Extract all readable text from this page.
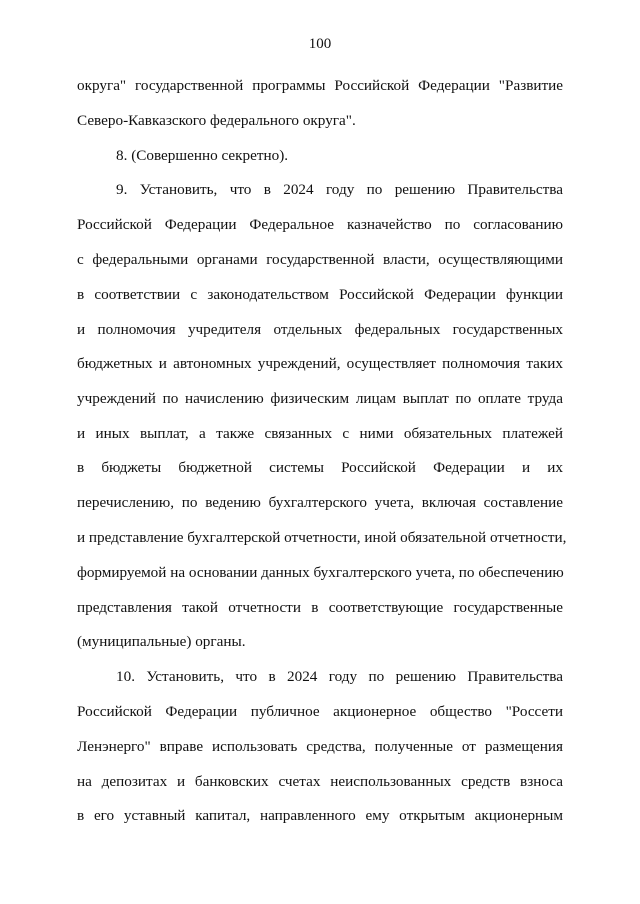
100
округа" государственной программы Российской Федерации "Развитие
Северо-Кавказского федерального округа".
8. (Совершенно секретно).
9. Установить, что в 2024 году по решению Правительства
Российской Федерации Федеральное казначейство по согласованию
с федеральными органами государственной власти, осуществляющими
в соответствии с законодательством Российской Федерации функции
и полномочия учредителя отдельных федеральных государственных
бюджетных и автономных учреждений, осуществляет полномочия таких
учреждений по начислению физическим лицам выплат по оплате труда
и иных выплат, а также связанных с ними обязательных платежей
в бюджеты бюджетной системы Российской Федерации и их
перечислению, по ведению бухгалтерского учета, включая составление
и представление бухгалтерской отчетности, иной обязательной отчетности,
формируемой на основании данных бухгалтерского учета, по обеспечению
представления такой отчетности в соответствующие государственные
(муниципальные) органы.
10. Установить, что в 2024 году по решению Правительства
Российской Федерации публичное акционерное общество "Россети
Ленэнерго" вправе использовать средства, полученные от размещения
на депозитах и банковских счетах неиспользованных средств взноса
в его уставный капитал, направленного ему открытым акционерным
